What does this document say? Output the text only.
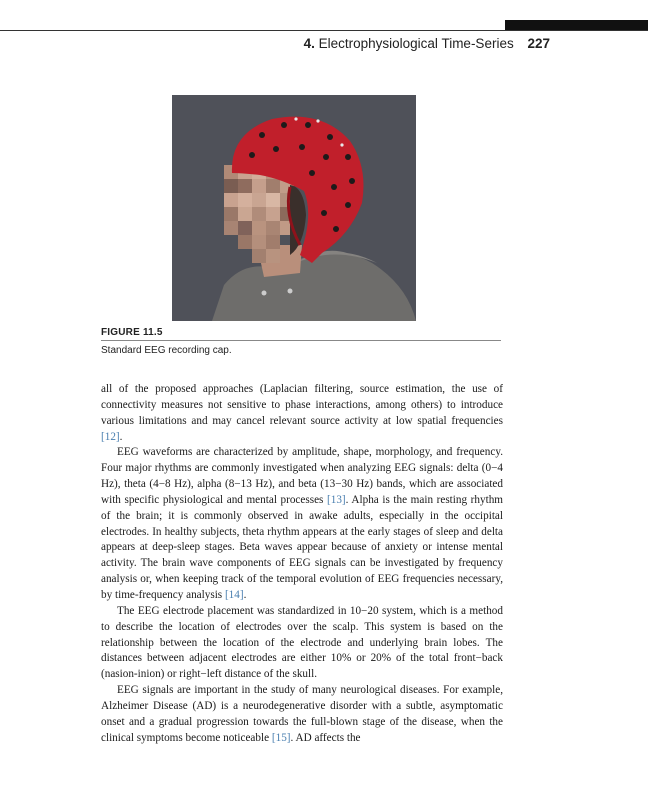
4. Electrophysiological Time-Series 227
FIGURE 11.5
Standard EEG recording cap.

all of the proposed approaches (Laplacian filtering, source estimation, the use of connectivity measures not sensitive to phase interactions, among others) to introduce various limitations and may cancel relevant source activity at low spatial frequencies [12].

EEG waveforms are characterized by amplitude, shape, morphology, and frequency. Four major rhythms are commonly investigated when analyzing EEG signals: delta (0−4 Hz), theta (4−8 Hz), alpha (8−13 Hz), and beta (13−30 Hz) bands, which are associated with specific physiological and mental processes [13]. Alpha is the main resting rhythm of the brain; it is commonly observed in awake adults, especially in the occipital electrodes. In healthy subjects, theta rhythm appears at the early stages of sleep and delta appears at deep-sleep stages. Beta waves appear because of anxiety or intense mental activity. The brain wave components of EEG signals can be investigated by frequency analysis or, when keeping track of the temporal evolution of EEG frequencies necessary, by time-frequency analysis [14].

The EEG electrode placement was standardized in 10−20 system, which is a method to describe the location of electrodes over the scalp. This system is based on the relationship between the location of the electrode and underlying brain lobes. The distances between adjacent electrodes are either 10% or 20% of the total front−back (nasion-inion) or right−left distance of the skull.

EEG signals are important in the study of many neurological diseases. For example, Alzheimer Disease (AD) is a neurodegenerative disorder with a subtle, asymptomatic onset and a gradual progression towards the full-blown stage of the disease, when the clinical symptoms become noticeable [15]. AD affects the
